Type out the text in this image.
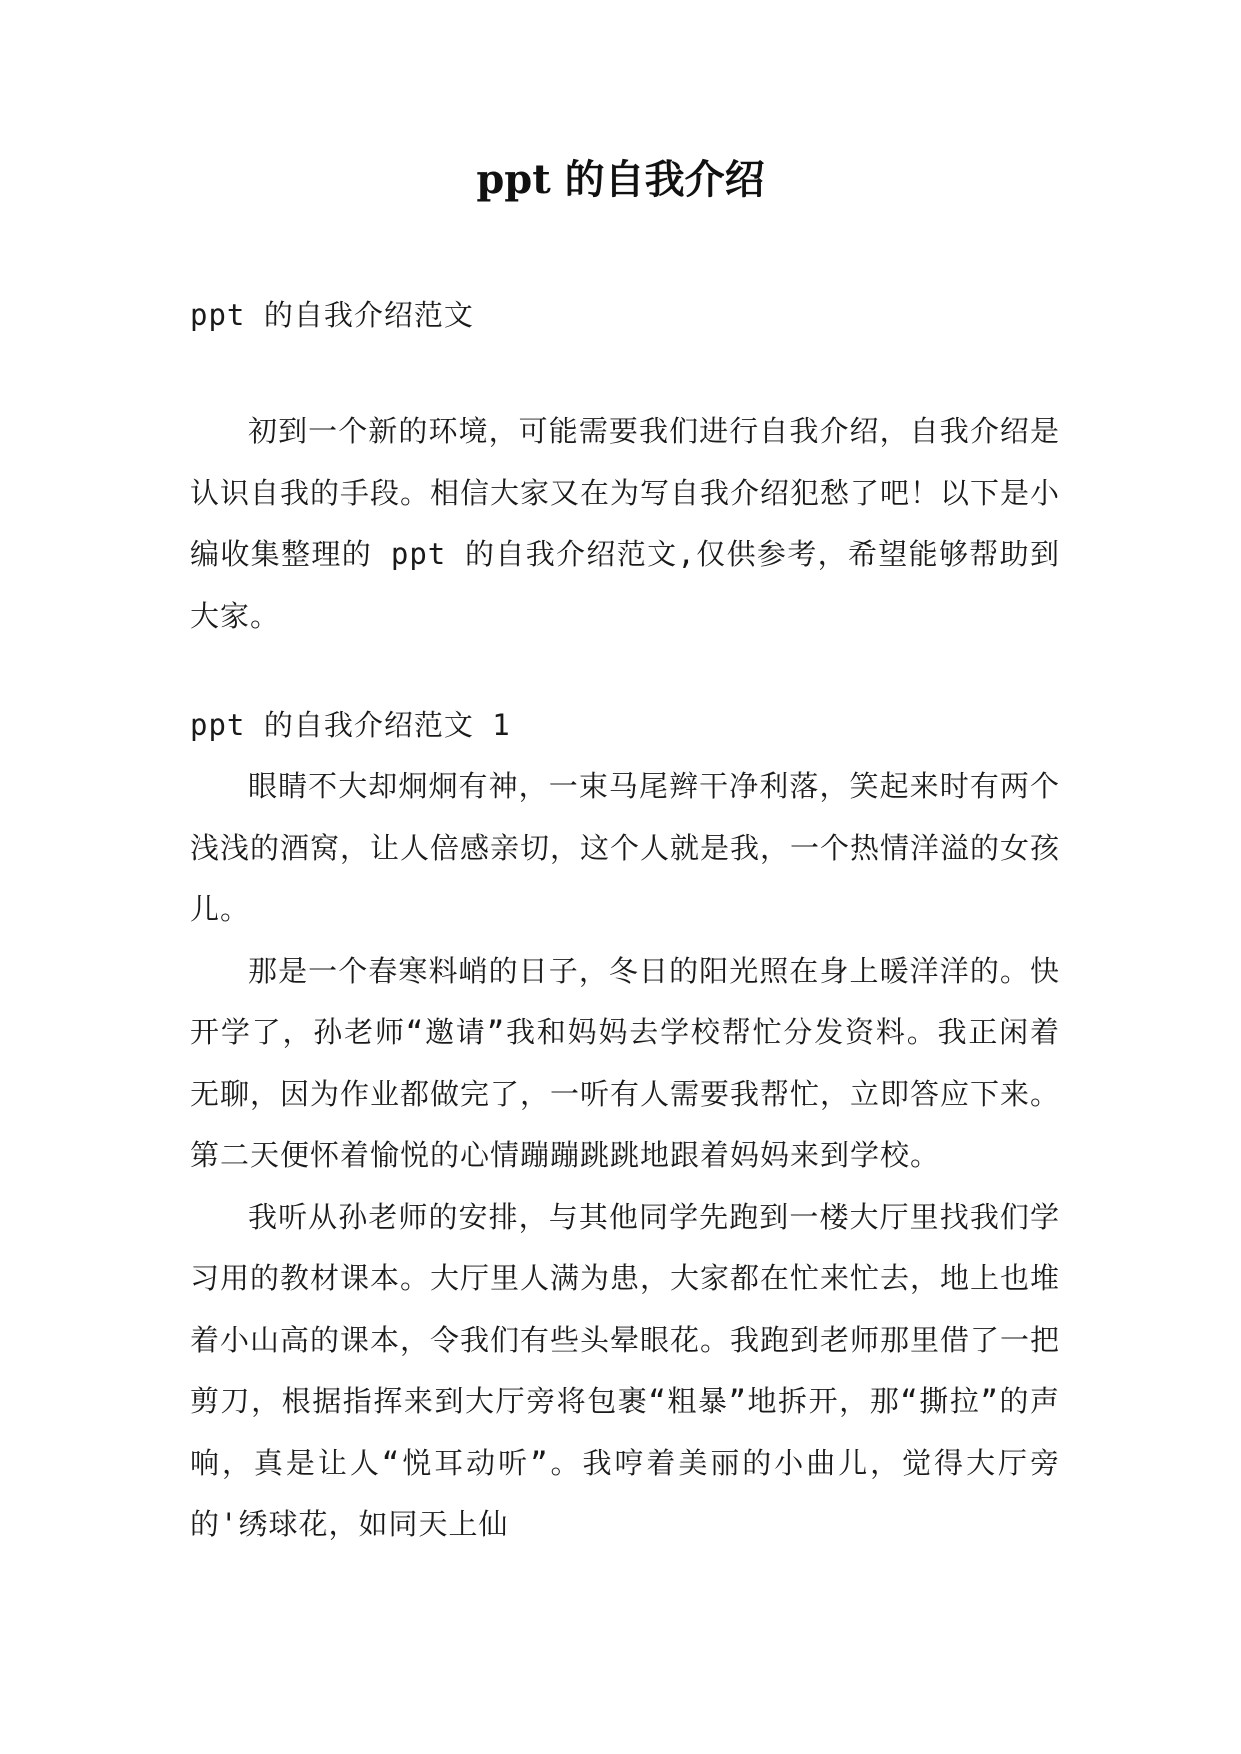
ppt 的自我介绍

ppt 的自我介绍范文

初到一个新的环境，可能需要我们进行自我介绍，自我介绍是认识自我的手段。相信大家又在为写自我介绍犯愁了吧！以下是小编收集整理的 ppt 的自我介绍范文,仅供参考，希望能够帮助到大家。

ppt 的自我介绍范文 1

眼睛不大却炯炯有神，一束马尾辫干净利落，笑起来时有两个浅浅的酒窝，让人倍感亲切，这个人就是我，一个热情洋溢的女孩儿。

那是一个春寒料峭的日子，冬日的阳光照在身上暖洋洋的。快开学了，孙老师“邀请”我和妈妈去学校帮忙分发资料。我正闲着无聊，因为作业都做完了，一听有人需要我帮忙，立即答应下来。第二天便怀着愉悦的心情蹦蹦跳跳地跟着妈妈来到学校。

我听从孙老师的安排，与其他同学先跑到一楼大厅里找我们学习用的教材课本。大厅里人满为患，大家都在忙来忙去，地上也堆着小山高的课本，令我们有些头晕眼花。我跑到老师那里借了一把剪刀，根据指挥来到大厅旁将包裹“粗暴”地拆开，那“撕拉”的声响，真是让人“悦耳动听”。我哼着美丽的小曲儿，觉得大厅旁的'绣球花，如同天上仙
